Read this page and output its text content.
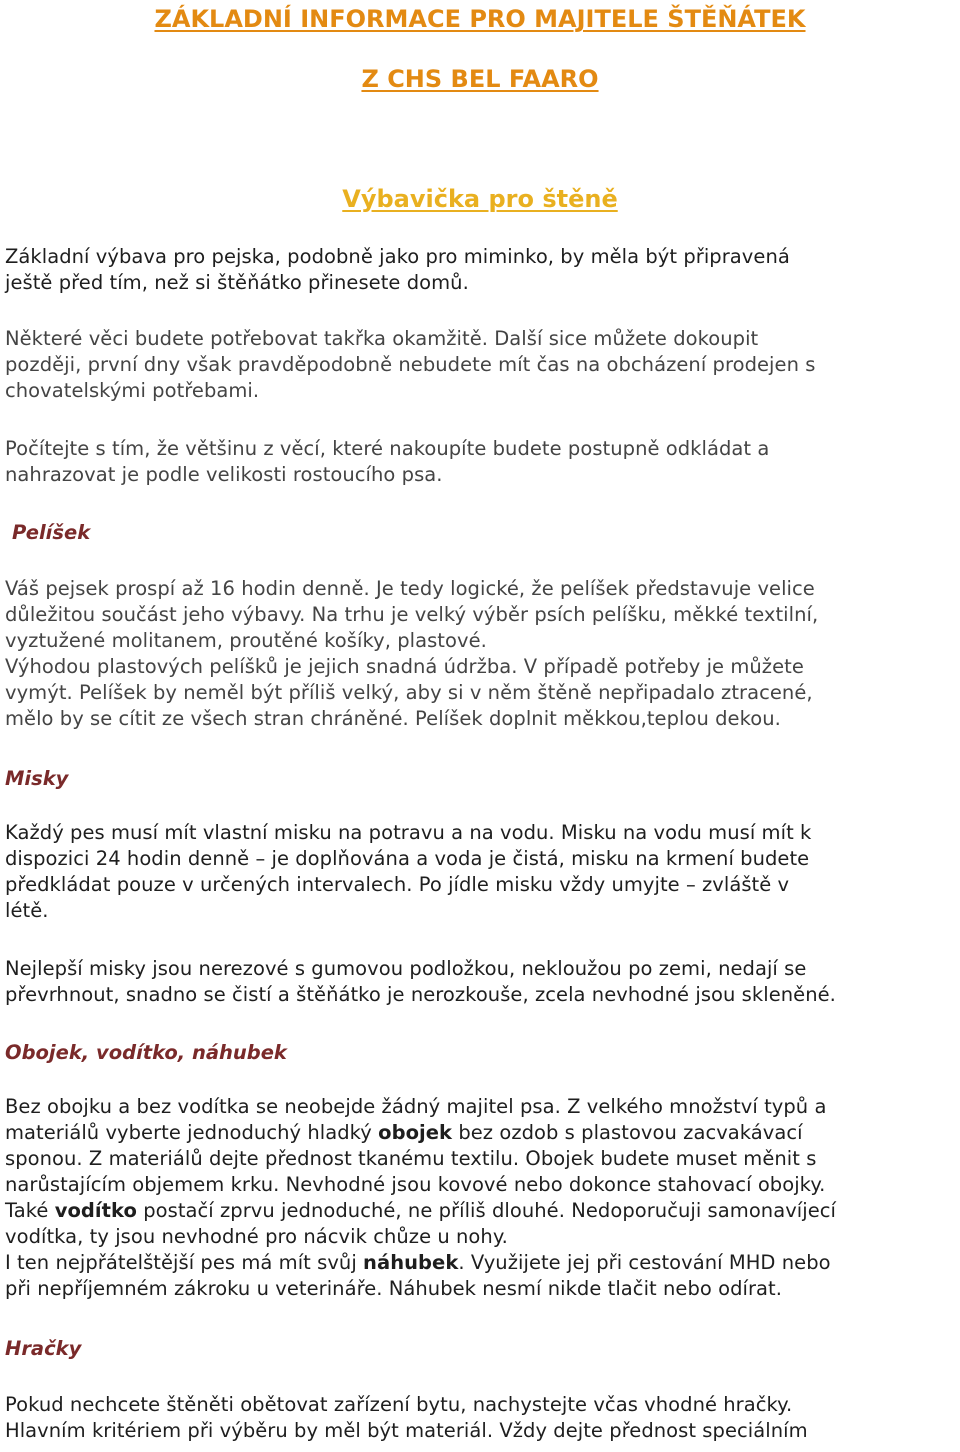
ZÁKLADNÍ INFORMACE PRO MAJITELE ŠTĚŇÁTEK
Z CHS BEL FAARO
Výbavička pro štěně
Základní výbava pro pejska, podobně jako pro miminko, by měla být připravená
ještě před tím, než si štěňátko přinesete domů.
Některé věci budete potřebovat takřka okamžitě. Další sice můžete dokoupit
později, první dny však pravděpodobně nebudete mít čas na obcházení prodejen s
chovatelskými potřebami.
Počítejte s tím, že většinu z věcí, které nakoupíte budete postupně odkládat a
nahrazovat je podle velikosti rostoucího psa.
Pelíšek
Váš pejsek prospí až 16 hodin denně. Je tedy logické, že pelíšek představuje velice
důležitou součást jeho výbavy. Na trhu je velký výběr psích pelíšku, měkké textilní,
vyztužené molitanem, proutěné košíky, plastové.
Výhodou plastových pelíšků je jejich snadná údržba. V případě potřeby je můžete
vymýt. Pelíšek by neměl být příliš velký, aby si v něm štěně nepřipadalo ztracené,
mělo by se cítit ze všech stran chráněné. Pelíšek doplnit měkkou,teplou dekou.
Misky
Každý pes musí mít vlastní misku na potravu a na vodu. Misku na vodu musí mít k
dispozici 24 hodin denně – je doplňována a voda je čistá, misku na krmení budete
předkládat pouze v určených intervalech. Po jídle misku vždy umyjte – zvláště v
létě.
Nejlepší misky jsou nerezové s gumovou podložkou, nekloužou po zemi, nedají se
převrhnout, snadno se čistí a štěňátko je nerozkouše, zcela nevhodné jsou skleněné.
Obojek, vodítko, náhubek
Bez obojku a bez vodítka se neobejde žádný majitel psa. Z velkého množství typů a
materiálů vyberte jednoduchý hladký obojek bez ozdob s plastovou zacvakávací
sponou. Z materiálů dejte přednost tkanému textilu. Obojek budete muset měnit s
narůstajícím objemem krku. Nevhodné jsou kovové nebo dokonce stahovací obojky.
Také vodítko postačí zprvu jednoduché, ne příliš dlouhé. Nedoporučuji samonavíjecí
vodítka, ty jsou nevhodné pro nácvik chůze u nohy.
I ten nejpřátelštější pes má mít svůj náhubek. Využijete jej při cestování MHD nebo
při nepříjemném zákroku u veterináře. Náhubek nesmí nikde tlačit nebo odírat.
Hračky
Pokud nechcete štěněti obětovat zařízení bytu, nachystejte včas vhodné hračky.
Hlavním kritériem při výběru by měl být materiál. Vždy dejte přednost speciálním
